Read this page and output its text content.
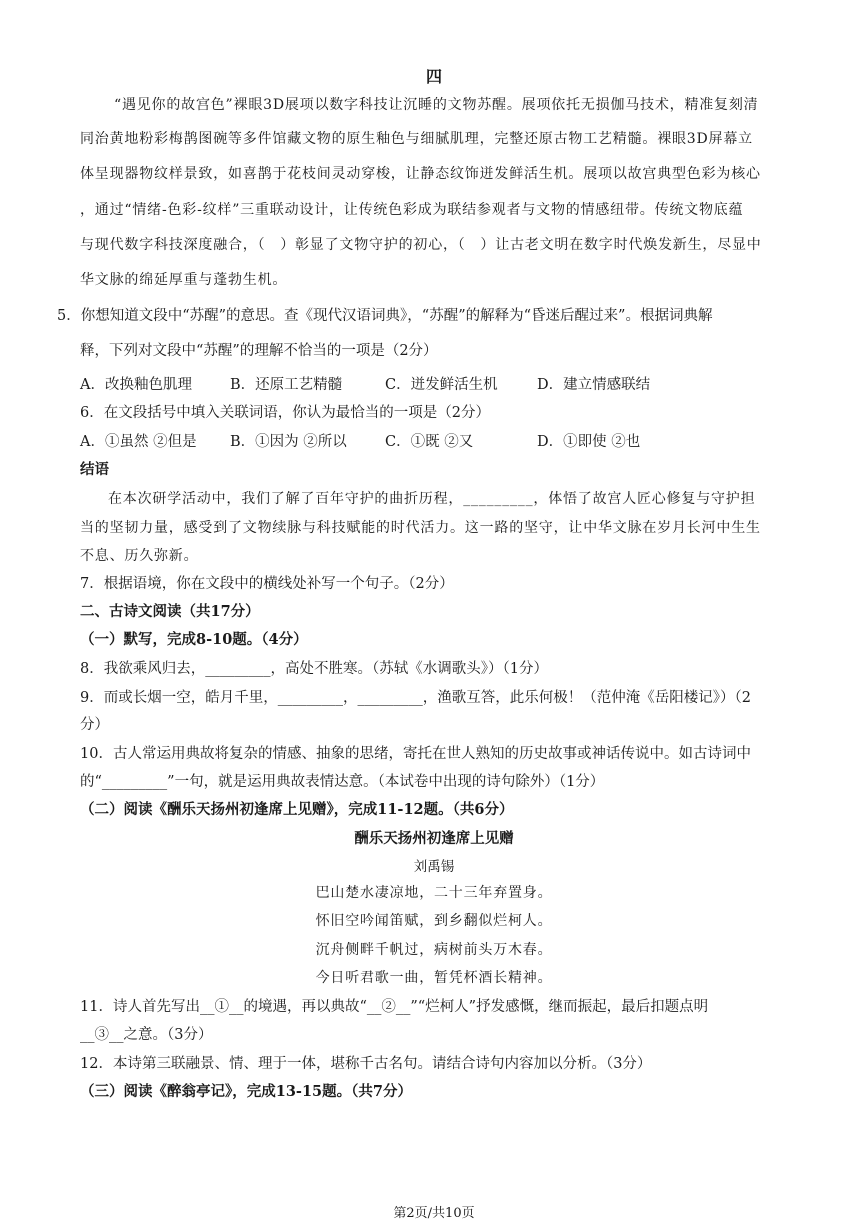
四
“遇见你的故宫色”裸眼3D展项以数字科技让沉睡的文物苏醒。展项依托无损伽马技术，精准复刻清
同治黄地粉彩梅鹊图碗等多件馆藏文物的原生釉色与细腻肌理，完整还原古物工艺精髓。裸眼3D屏幕立
体呈现器物纹样景致，如喜鹊于花枝间灵动穿梭，让静态纹饰迸发鲜活生机。展项以故宫典型色彩为核心
，通过“情绪-色彩-纹样”三重联动设计，让传统色彩成为联结参观者与文物的情感纽带。传统文物底蕴
与现代数字科技深度融合，（　）彰显了文物守护的初心，（　）让古老文明在数字时代焕发新生，尽显中
华文脉的绵延厚重与蓬勃生机。
5．你想知道文段中“苏醒”的意思。查《现代汉语词典》，“苏醒”的解释为“昏迷后醒过来”。根据词典解
释，下列对文段中“苏醒”的理解不恰当的一项是（2分）
A．改换釉色肌理	B．还原工艺精髓	C．迸发鲜活生机	D．建立情感联结
6．在文段括号中填入关联词语，你认为最恰当的一项是（2分）
A．①虽然 ②但是 B．①因为 ②所以	C．①既 ②又	D．①即使 ②也
结语
在本次研学活动中，我们了解了百年守护的曲折历程，_________，体悟了故宫人匠心修复与守护担
当的坚韧力量，感受到了文物续脉与科技赋能的时代活力。这一路的坚守，让中华文脉在岁月长河中生生
不息、历久弥新。
7．根据语境，你在文段中的横线处补写一个句子。（2分）
二、古诗文阅读（共17分）
（一）默写，完成8-10题。（4分）
8．我欲乘风归去，_________，高处不胜寒。（苏轼《水调歌头》）（1分）
9．而或长烟一空，皓月千里，_________，_________，渔歌互答，此乐何极！（范仲淹《岳阳楼记》）（2
分）
10．古人常运用典故将复杂的情感、抽象的思绪，寄托在世人熟知的历史故事或神话传说中。如古诗词中
的“_________”一句，就是运用典故表情达意。（本试卷中出现的诗句除外）（1分）
（二）阅读《酬乐天扬州初逢席上见赠》，完成11-12题。（共6分）
酬乐天扬州初逢席上见赠
刘禹锡
巴山楚水凄凉地，二十三年弃置身。
怀旧空吟闻笛赋，到乡翻似烂柯人。
沉舟侧畔千帆过，病树前头万木春。
今日听君歌一曲，暂凭杯酒长精神。
11．诗人首先写出__①__的境遇，再以典故“__②__”“烂柯人”抒发感慨，继而振起，最后扣题点明
__③__之意。（3分）
12．本诗第三联融景、情、理于一体，堪称千古名句。请结合诗句内容加以分析。（3分）
（三）阅读《醉翁亭记》，完成13-15题。（共7分）
第2页/共10页
